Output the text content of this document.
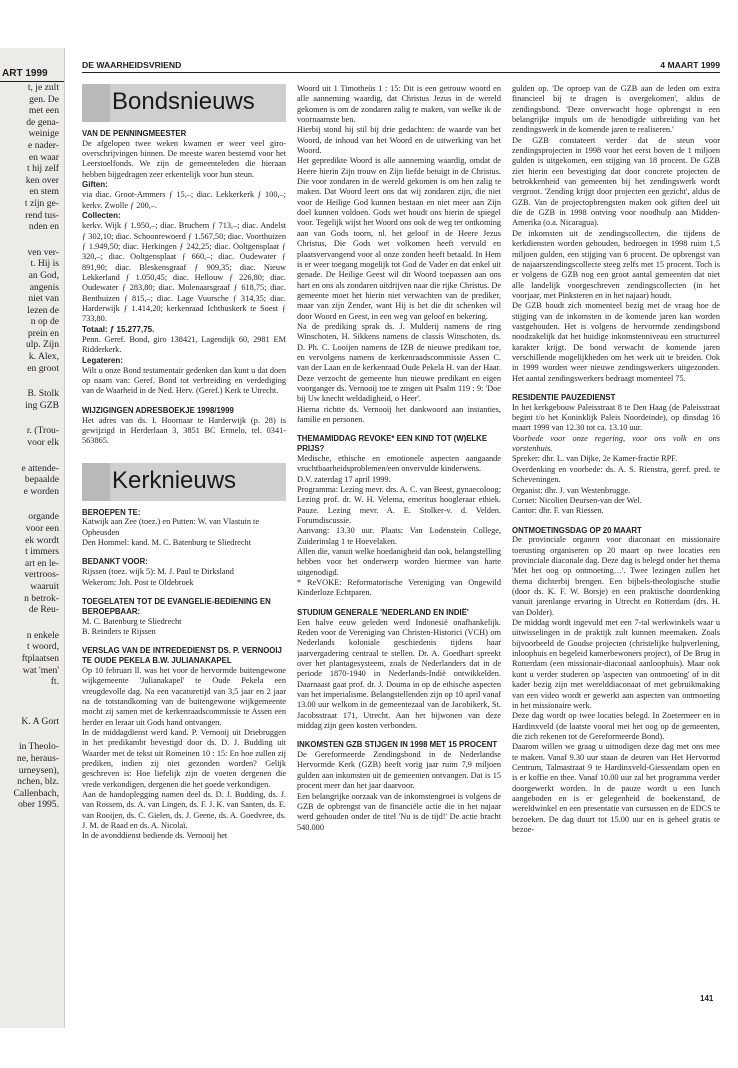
ART 1999
t, je zult
gen. De
met een
de gena-
weinige
e nader-
en waar
t hij zelf
ken over
en stem
t zijn ge-
rend tus-
nden en
ven ver-
t. Hij is
an God,
angenis
niet van
lezen de
n op de
prein en
ulp. Zijn
k. Alex,
en groot
B. Stolk
ing GZB
r. (Trou-
voor elk
e attende-
bepaalde
e worden
organde
voor een
ek wordt
t immers
art en le-
vertroos-
waaruit
n betrok-
de Reu-
n enkele
t woord,
ftplaatsen
wat 'men'
ft.
K. A Gort
in Theolo-
ne, heraus-
urneysen),
nchen, blz.
Callenbach,
ober 1995.
DE WAARHEIDSVRIEND	4 MAART 1999
Bondsnieuws
VAN DE PENNINGMEESTER

De afgelopen twee weken kwamen er weer veel giro-overschrijvingen binnen. De meeste waren bestemd voor het Leerstoelfonds. We zijn de gemeenteleden die hieraan hebben bijgedragen zeer erkentelijk voor hun steun.

Giften:

via diac. Groot-Ammers ƒ 15,–; diac. Lekkerkerk ƒ 100,–; kerkv. Zwolle ƒ 200,–.

Collecten:

kerkv. Wijk ƒ 1.950,–; diac. Bruchem ƒ 713,–; diac. Andelst ƒ 302,10; diac. Schoonrewoerd ƒ 1.567,50; diac. Voorthuizen ƒ 1.949,50; diac. Herkingen ƒ 242,25; diac. Ooltgensplaat ƒ 320,–; diac. Ooltgensplaat ƒ 660,–; diac. Oudewater ƒ 891,90; diac. Bleskensgraaf ƒ 909,35; diac. Nieuw Lekkerland ƒ 1.050,45; diac. Hellouw ƒ 226,80; diac. Oudewater ƒ 283,80; diac. Molenaarsgraaf ƒ 618,75; diac. Benthuizen ƒ 815,–; diac. Lage Vuursche ƒ 314,35; diac. Harderwijk ƒ 1.414,20; kerkenraad Ichthuskerk te Soest ƒ 733,80.

Totaal: ƒ 15.277,75.

Penn. Geref. Bond, giro 138421, Lagendijk 60, 2981 EM Ridderkerk.

Legateren:

Wilt u onze Bond testamentair gedenken dan kunt u dat doen op naam van: Geref. Bond tot verbreiding en verdediging van de Waarheid in de Ned. Herv. (Geref.) Kerk te Utrecht.

WIJZIGINGEN ADRESBOEKJE 1998/1999

Het adres van ds. I. Hoornaar te Harderwijk (p. 28) is gewijzigd in Herderlaan 3, 3851 BC Ermelo, tel. 0341-563865.

Kerknieuws
BEROEPEN TE:

Katwijk aan Zee (toez.) en Putten: W. van Vlastuin te Opheusden

Den Hommel: kand. M. C. Batenburg te Sliedrecht

BEDANKT VOOR:

Rijssen (toez. wijk 5): M. J. Paul te Dirksland

Wekerom: Joh. Post te Oldebroek

TOEGELATEN TOT DE EVANGELIE-BEDIENING EN BEROEPBAAR:

M. C. Batenburg te Sliedrecht

B. Reinders te Rijssen

VERSLAG VAN DE INTREDEDIENST DS. P. VERNOOIJ TE OUDE PEKELA B.W. JULIANAKAPEL

Op 10 februari ll. was het voor de hervormde buitengewone wijkgemeente 'Julianakapel' te Oude Pekela een vreugdevolle dag. Na een vacaturetijd van 3,5 jaar en 2 jaar na de totstandkoming van de buitengewone wijkgemeente mocht zij samen met de kerkenraadscommissie te Assen een herder en leraar uit Gods hand ontvangen.

In de middagdienst werd kand. P. Vernooij uit Driebruggen in het predikambt bevestigd door ds. D. J. Budding uit Waarder met de tekst uit Romeinen 10 : 15: En hoe zullen zij prediken, indien zij niet gezonden worden? Gelijk geschreven is: Hoe liefelijk zijn de voeten dergenen die vrede verkondigen, dergenen die het goede verkondigen.

Aan de handoplegging namen deel ds. D. J. Budding, ds. J. van Rossem, ds. A. van Lingen, ds. F. J. K. van Santen, ds. E. van Rooijen, ds. C. Gielen, ds. J. Geene, ds. A. Goedvree, ds. J. M. de Raad en ds. A. Nicolaï.

In de avonddienst bediende ds. Vernooij het

Woord uit 1 Timotheüs 1 : 15: Dit is een getrouw woord en alle aanneming waardig, dat Christus Jezus in de wereld gekomen is om de zondaren zalig te maken, van welke ik de voornaamste ben.

Hierbij stond hij stil bij drie gedachten: de waarde van het Woord, de inhoud van het Woord en de uitwerking van het Woord.

Het gepredikte Woord is alle aanneming waardig, omdat de Heere hierin Zijn trouw en Zijn liefde betuigt in de Christus. Die voor zondaren in de wereld gekomen is om hen zalig te maken. Dat Woord leert ons dat wij zondaren zijn, die niet voor de Heilige God kunnen bestaan en niet meer aan Zijn doel kunnen voldoen. Gods wet houdt ons hierin de spiegel voor. Tegelijk wijst het Woord ons ook de weg ter ontkoming aan van Gods toorn, nl. het geloof in de Heere Jezus Christus, Die Gods wet volkomen heeft vervuld en plaatsvervangend voor al onze zonden heeft betaald. In Hem is er weer toegang mogelijk tot God de Vader en dat enkel uit genade. De Heilige Geest wil dit Woord toepassen aan ons hart en ons als zondaren uitdrijven naar die rijke Christus. De gemeente moet het hierin niet verwachten van de prediker, maar van zijn Zender, want Hij is het die dit schenken wil door Woord en Geest, in een weg van geloof en bekering.

Na de prediking sprak ds. J. Mulderij namens de ring Winschoten, H. Sikkens namens de classis Winschoten, ds. D. Ph. C. Looijen namens de IZB de nieuwe predikant toe, en vervolgens namens de kerkenraadscommissie Assen C. van der Laan en de kerkenraad Oude Pekela H. van der Haar. Deze verzocht de gemeente hun nieuwe predikant en eigen voorganger ds. Vernooij toe te zingen uit Psalm 119 : 9: 'Doe bij Uw knecht weldadigheid, o Heer'.

Hierna richtte ds. Vernooij het dankwoord aan instanties, familie en personen.

THEMAMIDDAG REVOKE* EEN KIND TOT (W)ELKE PRIJS?

Medische, ethische en emotionele aspecten aangaande vruchtbaarheidsproblemen/een onvervulde kinderwens.

D.V. zaterdag 17 april 1999.

Programma: Lezing mevr. drs. A. C. van Beest, gynaecoloog; Lezing prof. dr. W. H. Velema, emeritus hoogleraar ethiek. Pauze. Lezing mevr. A. E. Stolker-v. d. Velden. Forumdiscussie.

Aanvang: 13.30 uur. Plaats: Van Lodenstein College, Zuiderinslag 1 te Hoevelaken.

Allen die, vanuit welke hoedanigheid dan ook, belangstelling hebben voor het onderwerp worden hiermee van harte uitgenodigd.

* ReVOKE: Reformatorische Vereniging van Ongewild Kinderloze Echtparen.

STUDIUM GENERALE 'NEDERLAND EN INDIË'

Een halve eeuw geleden werd Indonesië onafhankelijk. Reden voor de Vereniging van Christen-Historici (VCH) om Nederlands koloniale geschiedenis tijdens haar jaarvergadering centraal te stellen. Dr. A. Goedhart spreekt over het plantagesysteem, zoals de Nederlanders dat in de periode 1870-1940 in Nederlands-Indië ontwikkelden. Daarnaast gaat prof. dr. J. Douma in op de ethische aspecten van het imperialisme. Belangstellenden zijn op 10 april vanaf 13.00 uur welkom in de gemeentezaal van de Jacobikerk, St. Jacobsstraat 171, Utrecht. Aan het bijwonen van deze middag zijn geen kosten verbonden.

INKOMSTEN GZB STIJGEN IN 1998 MET 15 PROCENT

De Gereformeerde Zendingsbond in de Nederlandse Hervormde Kerk (GZB) heeft vorig jaar ruim 7,9 miljoen gulden aan inkomsten uit de gemeenten ontvangen. Dat is 15 procent meer dan het jaar daarvoor.

Een belangrijke oorzaak van de inkomstengroei is volgens de GZB de opbrengst van de financiële actie die in het najaar werd gehouden onder de titel 'Nu is de tijd!' De actie bracht 540.000

gulden op. 'De oproep van de GZB aan de leden om extra financieel bij te dragen is overgekomen', aldus de zendingsbond. 'Deze onverwacht hoge opbrengst is een belangrijke impuls om de benodigde uitbreiding van het zendingswerk in de komende jaren te realiseren.'

De GZB constateert verder dat de steun voor zendingsprojecten in 1998 voor het eerst boven de 1 miljoen gulden is uitgekomen, een stijging van 18 procent. De GZB ziet hierin een bevestiging dat door concrete projecten de betrokkenheid van gemeenten bij het zendingswerk wordt vergroot. 'Zending krijgt door projecten een gezicht', aldus de GZB. Van de projectopbrengsten maken ook giften deel uit die de GZB in 1998 ontving voor noodhulp aan Midden-Amerika (o.a. Nicaragua).

De inkomsten uit de zendingscollecten, die tijdens de kerkdiensten worden gehouden, bedroegen in 1998 ruim 1,5 miljoen gulden, een stijging van 6 procent. De opbrengst van de najaarszendingscollecte steeg zelfs met 15 procent. Toch is er volgens de GZB nog een groot aantal gemeenten dat niet alle landelijk voorgeschreven zendingscollecten (in het voorjaar, met Pinksteren en in het najaar) houdt.

De GZB houdt zich momenteel bezig met de vraag hoe de stijging van de inkomsten in de komende jaren kan worden vastgehouden. Het is volgens de hervormde zendingsbond noodzakelijk dat het huidige inkomstenniveau een structureel karakter krijgt. De bond verwacht de komende jaren verschillende mogelijkheden om het werk uit te breiden. Ook in 1999 worden weer nieuwe zendingswerkers uitgezonden. Het aantal zendingswerkers bedraagt momenteel 75.

RESIDENTIE PAUZEDIENST

In het kerkgebouw Paleisstraat 8 te Den Haag (de Paleisstraat begint t/o het Koninklijk Paleis Noordeinde), op dinsdag 16 maart 1999 van 12.30 tot ca. 13.10 uur.

Voorbede voor onze regering, voor ons volk en ons vorstenhuis.

Spreker: dhr. L. van Dijke, 2e Kamer-fractie RPF.

Overdenking en voorbede: ds. A. S. Rienstra, geref. pred. te Scheveningen.

Organist: dhr. J. van Westenbrugge.

Cornet: Nicolien Deursen-van der Wel.

Cantor: dhr. F. van Riessen.

ONTMOETINGSDAG OP 20 MAART

De provinciale organen voor diaconaat en missionaire toerusting organiseren op 20 maart op twee locaties een provinciale diaconale dag. Deze dag is belegd onder het thema 'Met het oog op ontmoeting…'. Twee lezingen zullen het thema dichterbij brengen. Een bijbels-theologische studie (door ds. K. F. W. Borsje) en een praktische doordenking vanuit jarenlange ervaring in Utrecht en Rotterdam (drs. H. van Dolder).

De middag wordt ingevuld met een 7-tal werkwinkels waar u uitwisselingen in de praktijk zult kunnen meemaken. Zoals bijvoorbeeld de Goudse projecten (christelijke hulpverlening, inloophuis en begeleid kamerbewoners project), of De Brug in Rotterdam (een missionair-diaconaal aanloophuis). Maar ook kunt u verder studeren op 'aspecten van ontmoeting' of in dit kader bezig zijn met werelddiaconaat of met gebruikmaking van een video wordt er gewerkt aan aspecten van ontmoeting in het missionaire werk.

Deze dag wordt op twee locaties belegd. In Zoetermeer en in Hardinxveld (de laatste vooral met het oog op de gemeenten, die zich rekenen tot de Gereformeerde Bond).

Daarom willen we graag u uitnodigen deze dag met ons mee te maken. Vanaf 9.30 uur staan de deuren van Het Hervormd Centrum, Talmastraat 9 te Hardinxveld-Giessendam open en is er koffie en thee. Vanaf 10.00 uur zal het programma verder doorgewerkt worden. In de pauze wordt u een lunch aangeboden en is er gelegenheid de boekenstand, de wereldwinkel en een presentatie van cursussen en de EDCS te bezoeken. De dag duurt tot 15.00 uur en is geheel gratis te bezoe-

141
